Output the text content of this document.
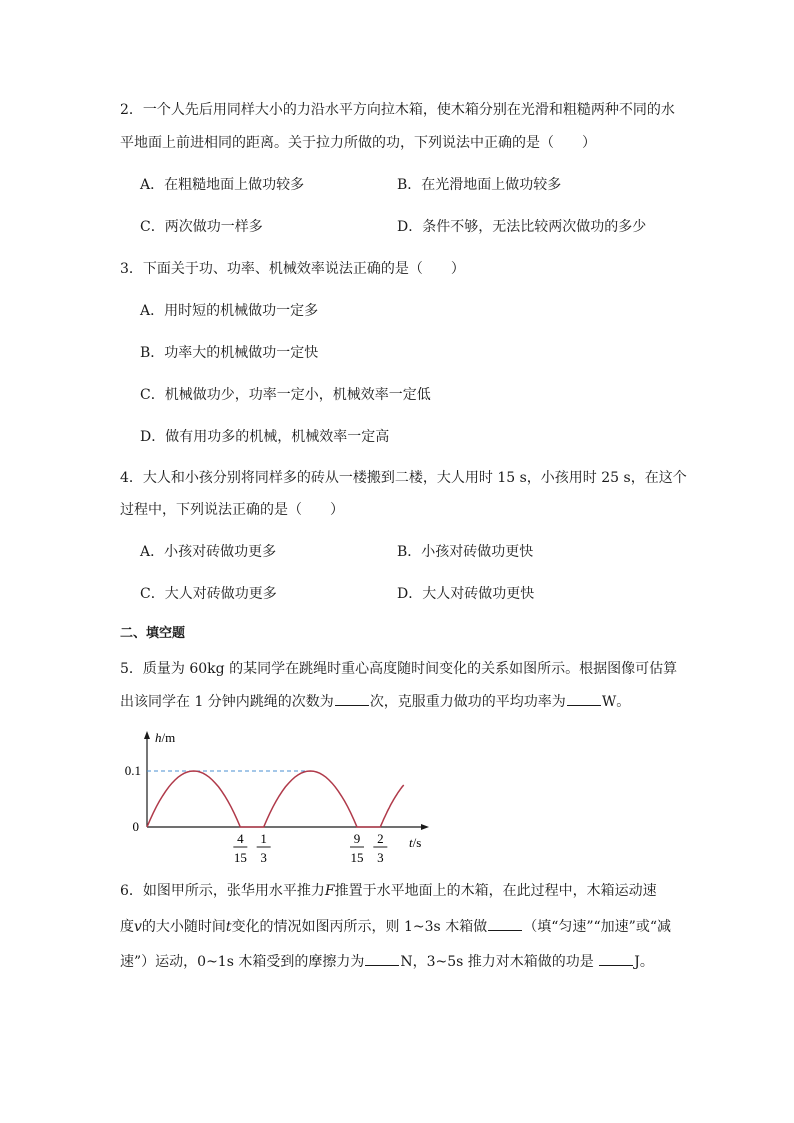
2．一个人先后用同样大小的力沿水平方向拉木箱，使木箱分别在光滑和粗糙两种不同的水
平地面上前进相同的距离。关于拉力所做的功，下列说法中正确的是（　　）
A．在粗糙地面上做功较多	B．在光滑地面上做功较多
C．两次做功一样多	D．条件不够，无法比较两次做功的多少
3．下面关于功、功率、机械效率说法正确的是（　　）
A．用时短的机械做功一定多
B．功率大的机械做功一定快
C．机械做功少，功率一定小，机械效率一定低
D．做有用功多的机械，机械效率一定高
4．大人和小孩分别将同样多的砖从一楼搬到二楼，大人用时 15 s，小孩用时 25 s，在这个
过程中，下列说法正确的是（　　）
A．小孩对砖做功更多	B．小孩对砖做功更快
C．大人对砖做功更多	D．大人对砖做功更快
二、填空题
5．质量为 60kg 的某同学在跳绳时重心高度随时间变化的关系如图所示。根据图像可估算
出该同学在 1 分钟内跳绳的次数为	次，克服重力做功的平均功率为	W。
h/m
t/s
0.1
0
4
15
1
3
9
15
2
3
6．如图甲所示，张华用水平推力F推置于水平地面上的木箱，在此过程中，木箱运动速
度v的大小随时间t变化的情况如图丙所示，则 1~3s 木箱做	（填“匀速”“加速”或“减
速”）运动，0~1s 木箱受到的摩擦力为	N，3~5s 推力对木箱做的功是	J。
